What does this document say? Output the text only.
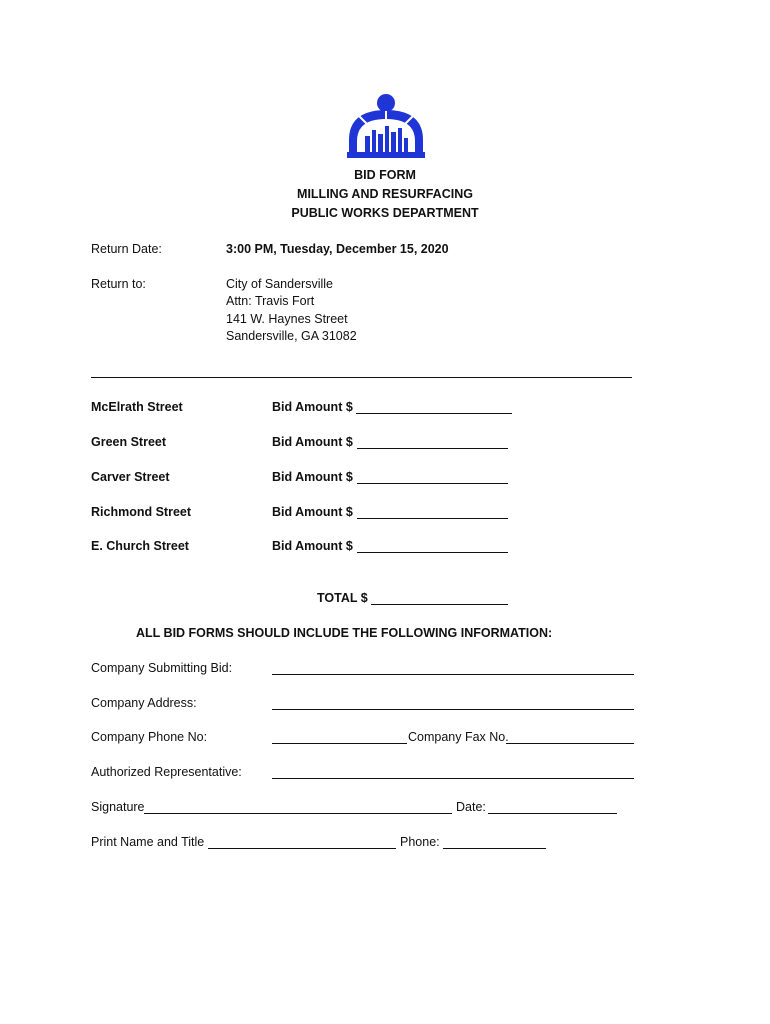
BID FORM
MILLING AND RESURFACING
PUBLIC WORKS DEPARTMENT
Return Date:	3:00 PM, Tuesday, December 15, 2020
Return to:	City of Sandersville
Attn: Travis Fort
141 W. Haynes Street
Sandersville, GA 31082
McElrath Street	Bid Amount $
Green Street	Bid Amount $
Carver Street	Bid Amount $
Richmond Street	Bid Amount $
E. Church Street	Bid Amount $
TOTAL $
ALL BID FORMS SHOULD INCLUDE THE FOLLOWING INFORMATION:
Company Submitting Bid:
Company Address:
Company Phone No:	Company Fax No.
Authorized Representative:
Signature	Date:
Print Name and Title	Phone:
